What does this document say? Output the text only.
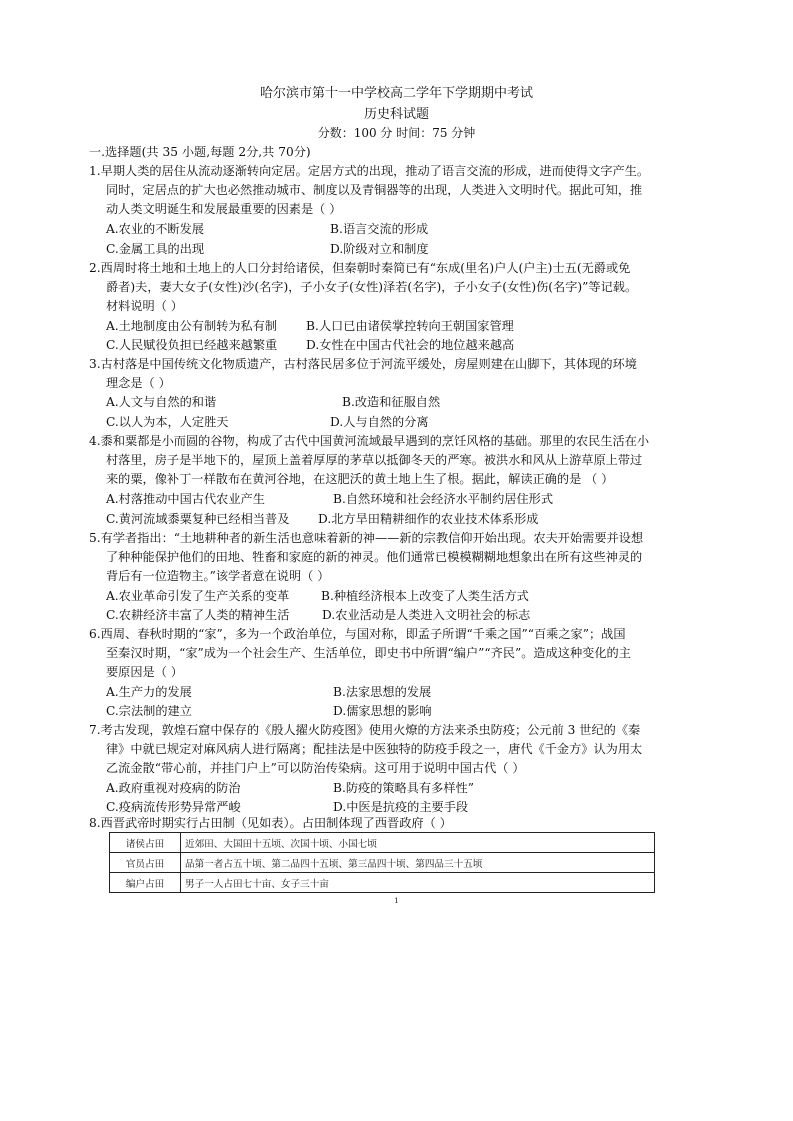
哈尔滨市第十一中学校高二学年下学期期中考试
历史科试题
分数：100 分 时间：75 分钟
一.选择题(共 35 小题,每题 2分,共 70分)
1.早期人类的居住从流动逐渐转向定居。定居方式的出现，推动了语言交流的形成，进而使得文字产生。
同时，定居点的扩大也必然推动城市、制度以及青铜器等的出现，人类进入文明时代。据此可知，推
动人类文明诞生和发展最重要的因素是（ ）
A.农业的不断发展	B.语言交流的形成
C.金属工具的出现	D.阶级对立和制度
2.西周时将土地和土地上的人口分封给诸侯，但秦朝时秦简已有“东成(里名)户人(户主)士五(无爵或免
爵者)夫，妻大女子(女性)沙(名字)，子小女子(女性)泽若(名字)，子小女子(女性)伤(名字)”等记载。
材料说明（ ）
A.土地制度由公有制转为私有制 B.人口已由诸侯掌控转向王朝国家管理
C.人民赋役负担已经越来越繁重 D.女性在中国古代社会的地位越来越高
3.古村落是中国传统文化物质遗产，古村落民居多位于河流平缓处，房屋则建在山脚下，其体现的环境
理念是（ ）
A.人文与自然的和谐	B.改造和征服自然
C.以人为本，人定胜天	D.人与自然的分离
4.黍和粟都是小而圆的谷物，构成了古代中国黄河流域最早遇到的烹饪风格的基础。那里的农民生活在小
村落里，房子是半地下的，屋顶上盖着厚厚的茅草以抵御冬天的严寒。被洪水和风从上游草原上带过
来的粟，像补丁一样散布在黄河谷地，在这肥沃的黄土地上生了根。据此，解读正确的是 （ ）
A.村落推动中国古代农业产生	B.自然环境和社会经济水平制约居住形式
C.黄河流域黍粟复种已经相当普及 D.北方旱田精耕细作的农业技术体系形成
5.有学者指出：“土地耕种者的新生活也意味着新的神——新的宗教信仰开始出现。农夫开始需要并设想
了种种能保护他们的田地、牲畜和家庭的新的神灵。他们通常已模模糊糊地想象出在所有这些神灵的
背后有一位造物主。”该学者意在说明（ ）
A.农业革命引发了生产关系的变革	B.种植经济根本上改变了人类生活方式
C.农耕经济丰富了人类的精神生活	D.农业活动是人类进入文明社会的标志
6.西周、春秋时期的“家”，多为一个政治单位，与国对称，即孟子所谓“千乘之国”“百乘之家”；战国
至秦汉时期，“家”成为一个社会生产、生活单位，即史书中所谓“编户”“齐民”。造成这种变化的主
要原因是（ ）
A.生产力的发展	B.法家思想的发展
C.宗法制的建立	D.儒家思想的影响
7.考古发现，敦煌石窟中保存的《殷人擢火防疫图》使用火燎的方法来杀虫防疫；公元前 3 世纪的《秦
律》中就已规定对麻风病人进行隔离；配挂法是中医独特的防疫手段之一，唐代《千金方》认为用太
乙流金散“带心前，并挂门户上”可以防治传染病。这可用于说明中国古代（ ）
A.政府重视对疫病的防治	B.防疫的策略具有多样性”
C.疫病流传形势异常严峻	D.中医是抗疫的主要手段
8.西晋武帝时期实行占田制（见如表）。占田制体现了西晋政府（ ）
诸侯占田	近郊田、大国田十五顷、次国十顷、小国七顷
官员占田	品第一者占五十顷、第二品四十五顷、第三品四十顷、第四品三十五顷
编户占田	男子一人占田七十亩、女子三十亩
1
